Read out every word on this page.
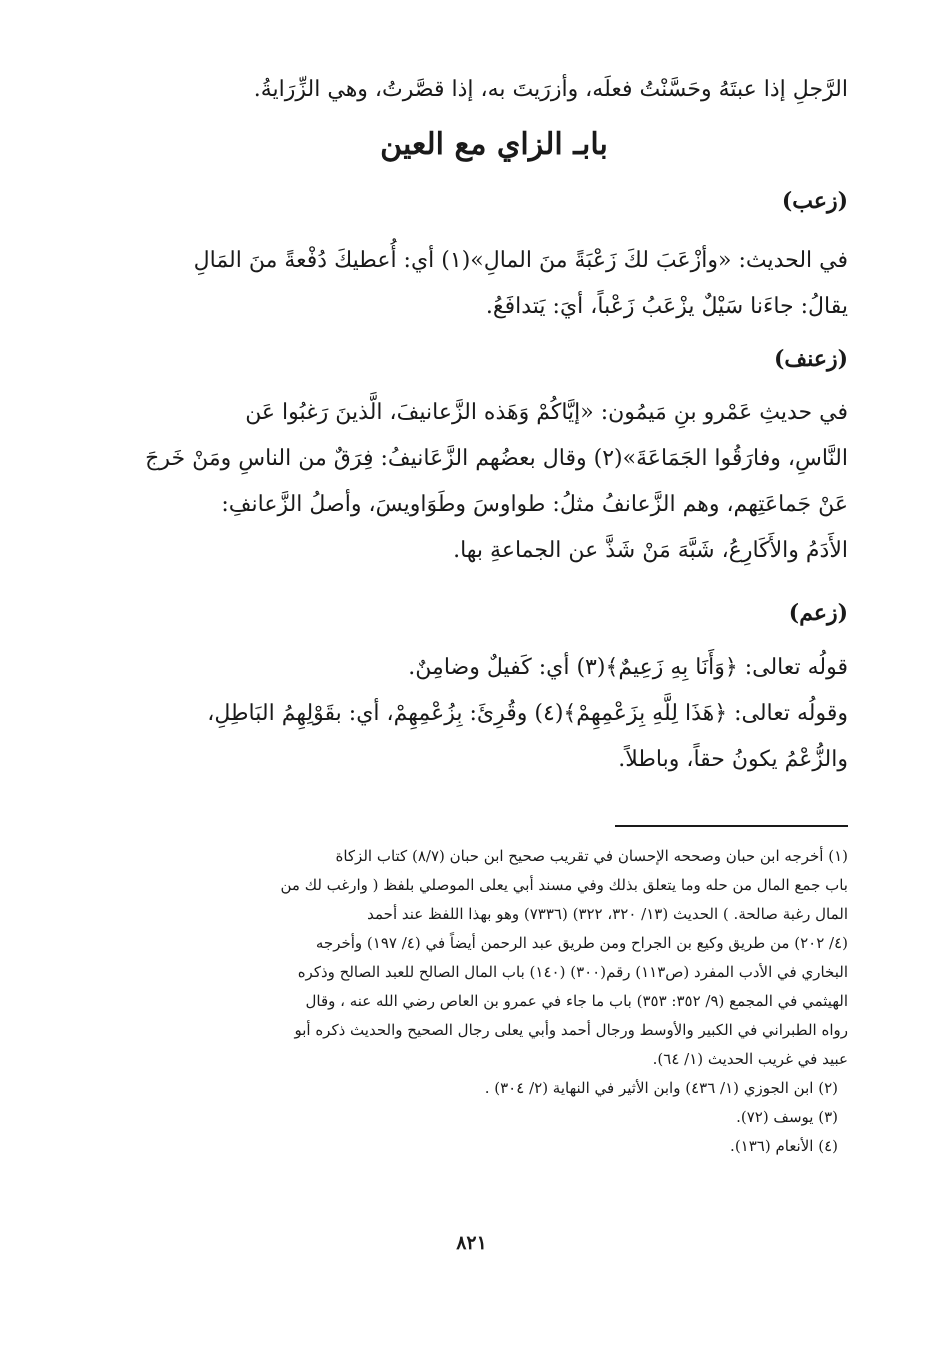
الرَّجلِ إذا عبتَهُ وحَسَّنْتُ فعلَه، وأزرَيتَ به، إذا قصَّرتُ، وهي الزِّرَايةُ.
بابـ الزاي مع العين
(زعب)
في الحديث: «وأزْعَبَ لكَ زَعْبَةً منَ المالِ»(١) أي: أُعطيكَ دُفْعةً منَ المَالِ
يقالُ: جاءَنا سَيْلٌ يزْعَبُ زَعْباً، أيَ: يَتدافَعُ.
(زعنف)
في حديثِ عَمْرو بنِ مَيمُون: «إيَّاكُمْ وَهَذه الزَّعانيفَ، الَّذينَ رَغبُوا عَن
النَّاسِ، وفارَقُوا الجَمَاعَةَ»(٢) وقال بعضُهم الزَّعَانيفُ: فِرَقٌ من الناسِ ومَنْ خَرجَ
عَنْ جَماعَتِهم، وهم الزَّعانفُ مثلُ: طواوسَ وطَوَاويسَ، وأصلُ الزَّعانفِ:
الأَدَمُ والأَكَارِعُ، شَبَّهَ مَنْ شَذَّ عن الجماعةِ بها.
(زعم)
قولُه تعالى: ﴿وَأَنَا بِهِ زَعِيمٌ﴾(٣) أي: كَفيلٌ وضامِنٌ.
وقولُه تعالى: ﴿هَذَا لِلَّهِ بِزَعْمِهِمْ﴾(٤) وقُرِئَ: بِزُعْمِهِمْ، أي: بقَوْلِهِمُ البَاطِلِ،
والزُّعْمُ يكونُ حقاً، وباطلاً.
(١) أخرجه ابن حبان وصححه الإحسان في تقريب صحيح ابن حبان (٨/٧) كتاب الزكاة
باب جمع المال من حله وما يتعلق بذلك وفي مسند أبي يعلى الموصلي بلفظ ( وارغب لك من
المال رغبة صالحة. ) الحديث (١٣/ ٣٢٠، ٣٢٢) (٧٣٣٦) وهو بهذا اللفظ عند أحمد
(٤/ ٢٠٢) من طريق وكيع بن الجراح ومن طريق عبد الرحمن أيضاً في (٤/ ١٩٧) وأخرجه
البخاري في الأدب المفرد (ص١١٣) رقم(٣٠٠) (١٤٠) باب المال الصالح للعبد الصالح وذكره
الهيثمي في المجمع (٩/ ٣٥٢: ٣٥٣) باب ما جاء في عمرو بن العاص رضي الله عنه ، وقال
رواه الطبراني في الكبير والأوسط ورجال أحمد وأبي يعلى رجال الصحيح والحديث ذكره أبو
عبيد في غريب الحديث (١/ ٦٤).
(٢) ابن الجوزي (١/ ٤٣٦) وابن الأثير في النهاية (٢/ ٣٠٤) .
(٣) يوسف (٧٢).
(٤) الأنعام (١٣٦).
٨٢١
